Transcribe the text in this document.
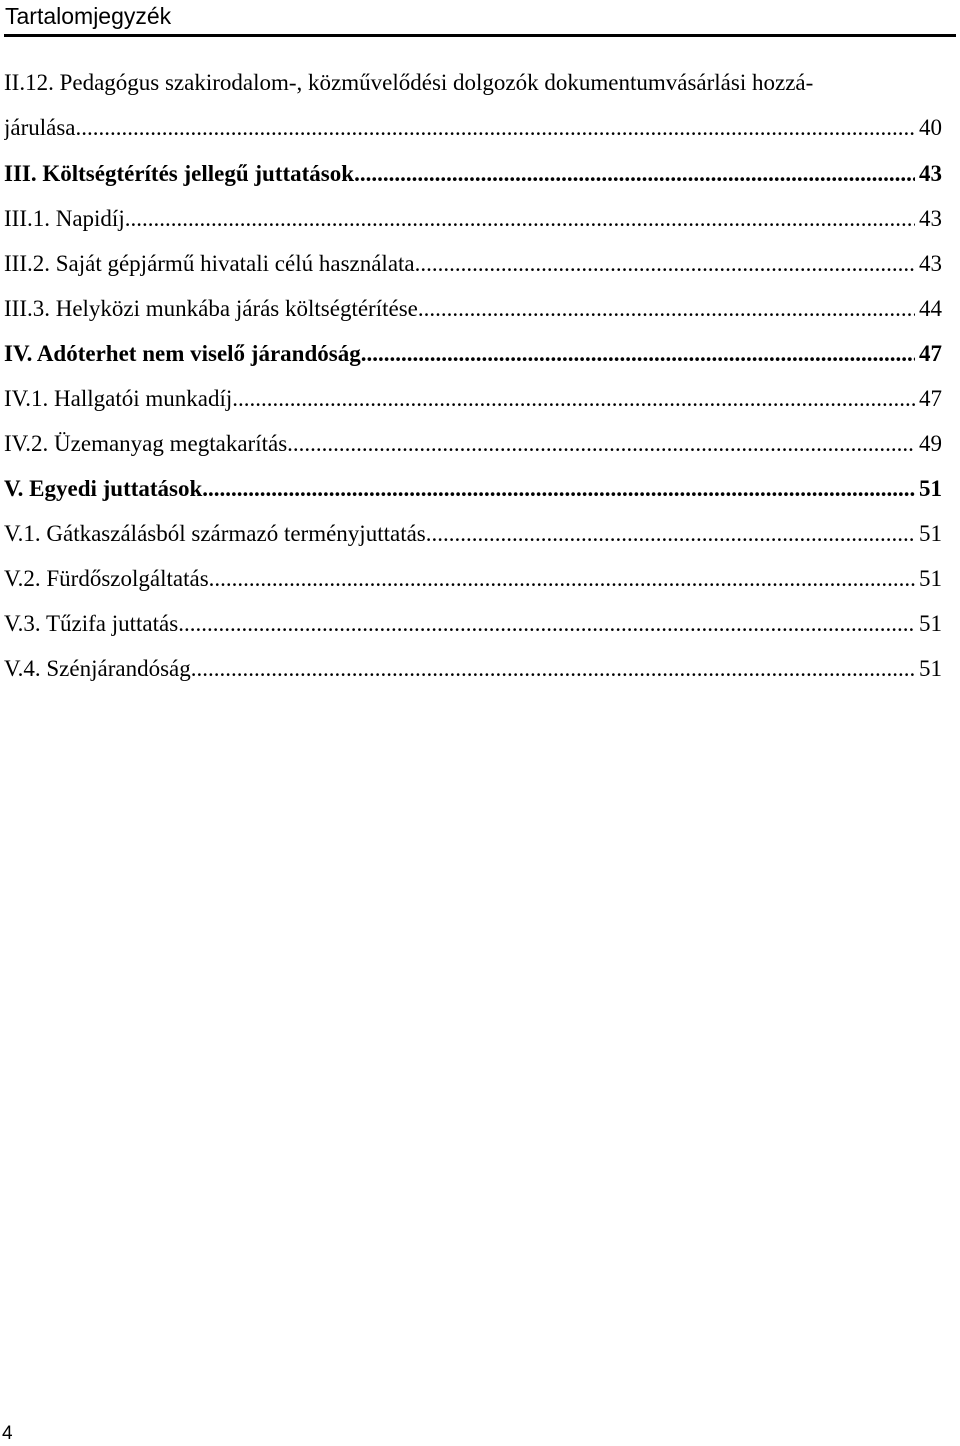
Tartalomjegyzék
II.12. Pedagógus szakirodalom-, közművelődési dolgozók dokumentumvásárlási hozzá-
járulása .....	40
III. Költségtérítés jellegű juttatások .....	43
III.1. Napidíj .....	43
III.2. Saját gépjármű hivatali célú használata .....	43
III.3. Helyközi munkába járás költségtérítése .....	44
IV. Adóterhet nem viselő járandóság .....	47
IV.1. Hallgatói munkadíj .....	47
IV.2. Üzemanyag megtakarítás .....	49
V. Egyedi juttatások .....	51
V.1. Gátkaszálásból származó terményjuttatás .....	51
V.2. Fürdőszolgáltatás .....	51
V.3. Tűzifa juttatás .....	51
V.4. Szénjárandóság .....	51
4
